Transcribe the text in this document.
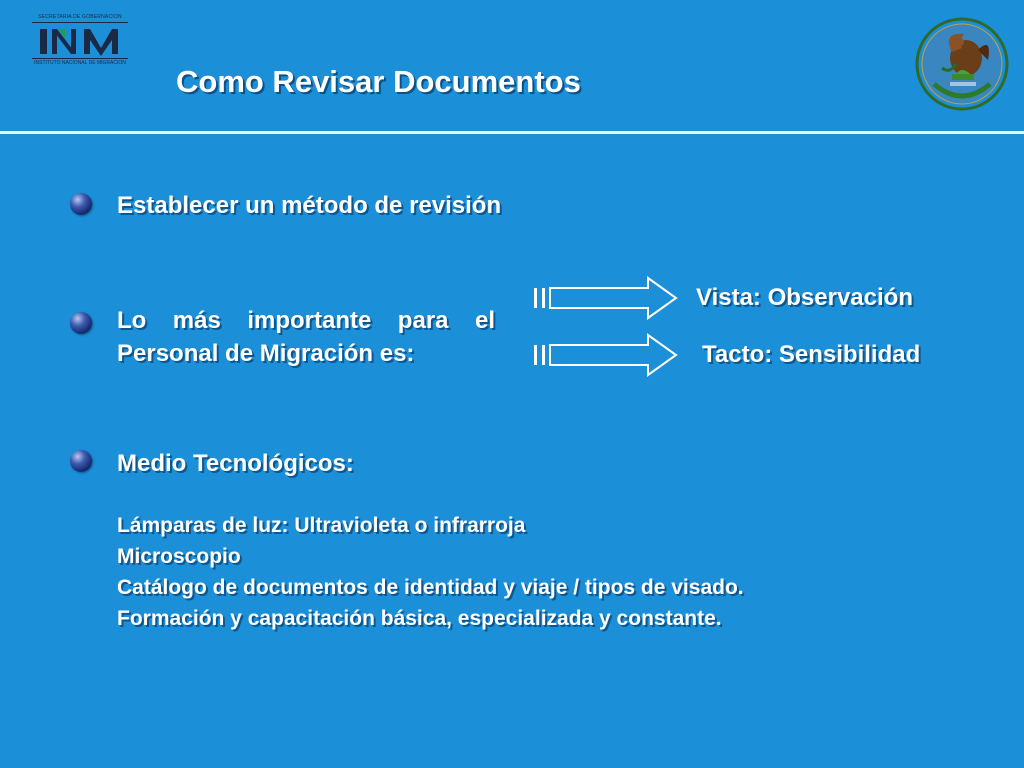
SECRETARÍA DE GOBERNACIÓN
INSTITUTO NACIONAL DE MIGRACIÓN
Como Revisar Documentos
Establecer un método de revisión
Lo más importante para el
Personal de Migración es:
Vista: Observación
Tacto: Sensibilidad
Medio Tecnológicos:
Lámparas de luz: Ultravioleta o infrarroja
Microscopio
Catálogo de documentos de identidad y viaje / tipos de visado.
Formación y capacitación básica, especializada y constante.
